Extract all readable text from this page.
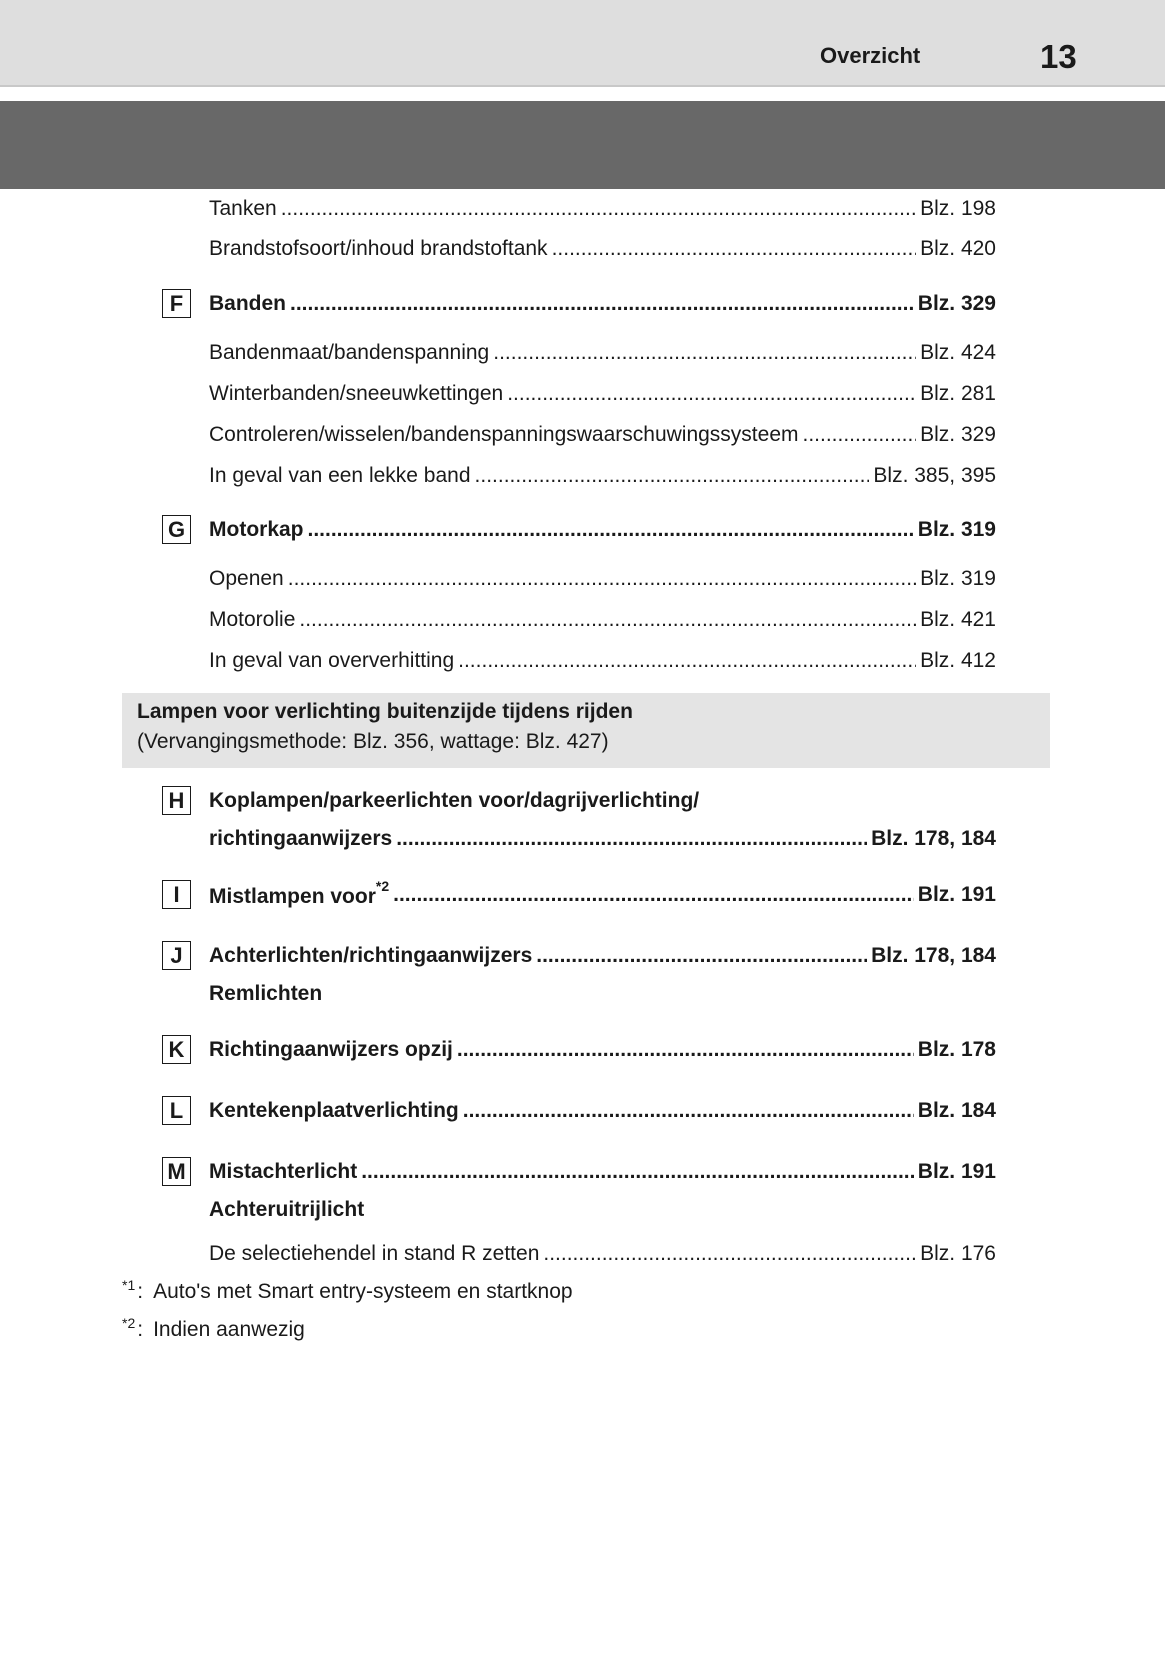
Overzicht	13
Tanken .....	Blz. 198
Brandstofsoort/inhoud brandstoftank .....	Blz. 420
F	Banden .....	Blz. 329
Bandenmaat/bandenspanning .....	Blz. 424
Winterbanden/sneeuwkettingen .....	Blz. 281
Controleren/wisselen/bandenspanningswaarschuwingssysteem .....	Blz. 329
In geval van een lekke band .....	Blz. 385, 395
G Motorkap .....	Blz. 319
Openen .....	Blz. 319
Motorolie .....	Blz. 421
In geval van oververhitting .....	Blz. 412
Lampen voor verlichting buitenzijde tijdens rijden
(Vervangingsmethode: Blz. 356, wattage: Blz. 427)
H	Koplampen/parkeerlichten voor/dagrijverlichting/
richtingaanwijzers .....	Blz. 178, 184
I	Mistlampen voor$^{*2}$ .....	Blz. 191
J	Achterlichten/richtingaanwijzers .....	Blz. 178, 184
Remlichten
K	Richtingaanwijzers opzij .....	Blz. 178
L	Kentekenplaatverlichting .....	Blz. 184
M Mistachterlicht .....	Blz. 191
Achteruitrijlicht
De selectiehendel in stand R zetten .....	Blz. 176
*1 : Auto's met Smart entry-systeem en startknop
*2 : Indien aanwezig
